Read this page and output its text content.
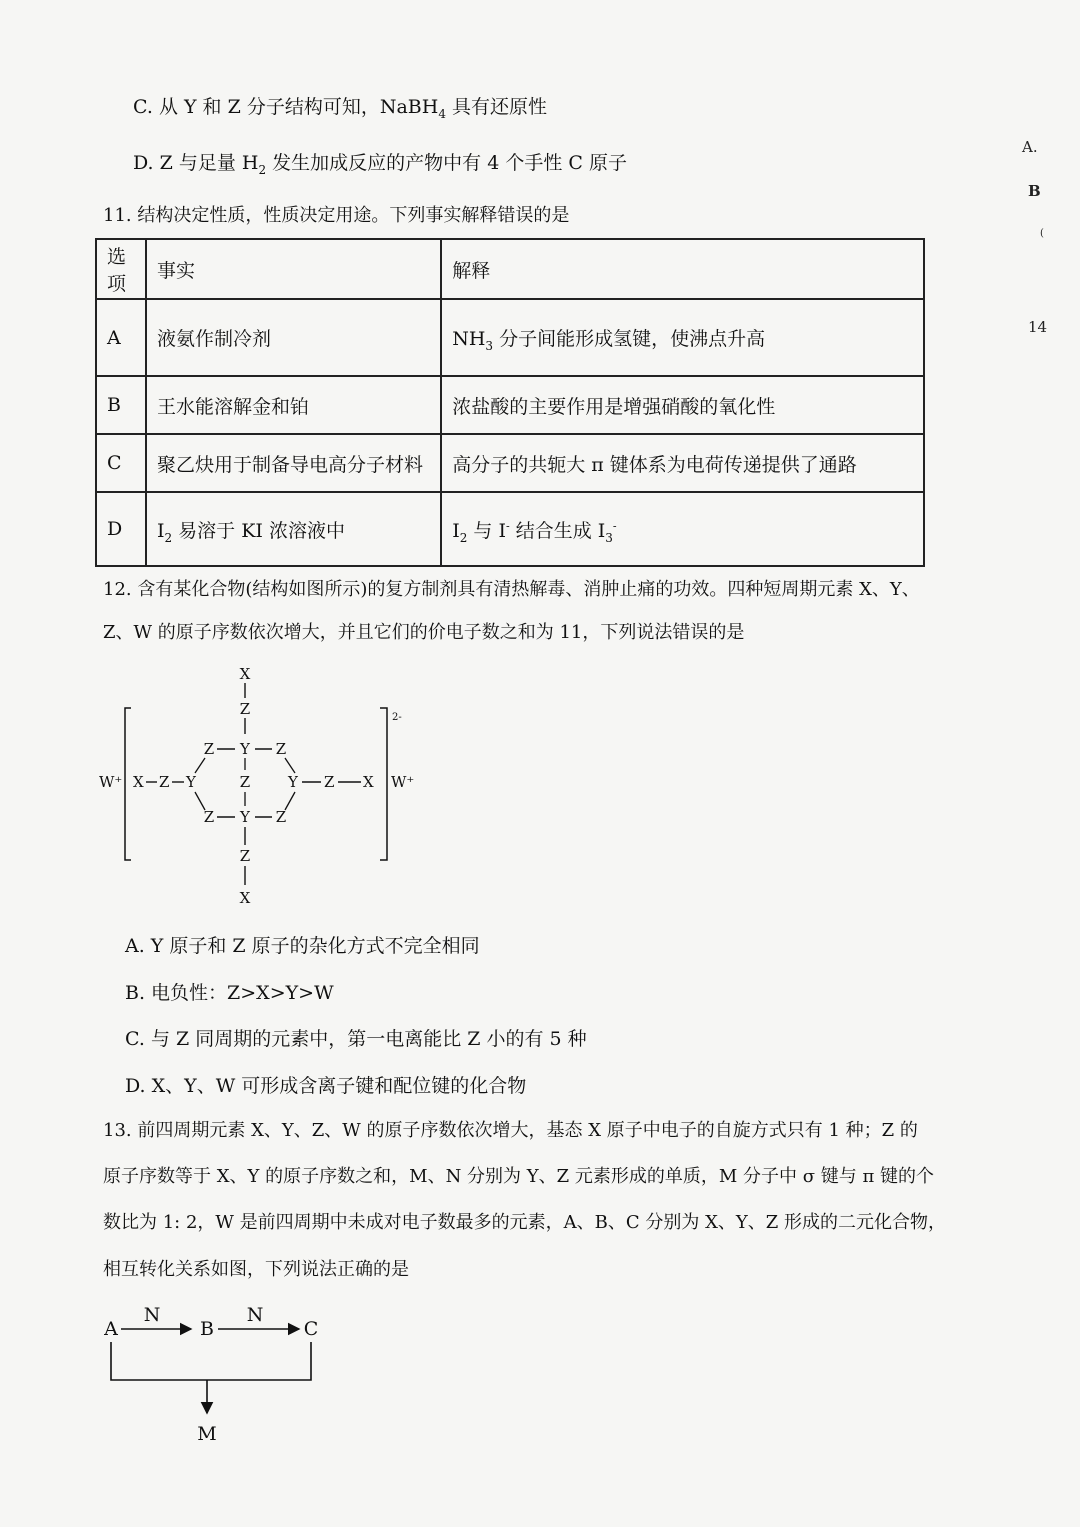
C. 从 Y 和 Z 分子结构可知，NaBH$_4$ 具有还原性
D. Z 与足量 $H_2$ 发生加成反应的产物中有 4 个手性 C 原子
A.
B
(
14
11. 结构决定性质，性质决定用途。下列事实解释错误的是
选项	事实	解释
A	液氨作制冷剂	$NH_3$ 分子间能形成氢键，使沸点升高
B	王水能溶解金和铂	浓盐酸的主要作用是增强硝酸的氧化性
C	聚乙炔用于制备导电高分子材料	高分子的共轭大 π 键体系为电荷传递提供了通路
D	$I_2$ 易溶于 KI 浓溶液中	$I_2$ 与 I- 结合生成 $I_3^-$
12. 含有某化合物(结构如图所示)的复方制剂具有清热解毒、消肿止痛的功效。四种短周期元素 X、Y、
Z、W 的原子序数依次增大，并且它们的价电子数之和为 11，下列说法错误的是
X
Z
Z Y Z
W⁺ X Z Y	Z	Y Z X W⁺
2-
Z Y Z
Z
X
A. Y 原子和 Z 原子的杂化方式不完全相同
B. 电负性：Z>X>Y>W
C. 与 Z 同周期的元素中，第一电离能比 Z 小的有 5 种
D. X、Y、W 可形成含离子键和配位键的化合物
13. 前四周期元素 X、Y、Z、W 的原子序数依次增大，基态 X 原子中电子的自旋方式只有 1 种；Z 的
原子序数等于 X、Y 的原子序数之和，M、N 分别为 Y、Z 元素形成的单质，M 分子中 σ 键与 π 键的个
数比为 1: 2，W 是前四周期中未成对电子数最多的元素，A、B、C 分别为 X、Y、Z 形成的二元化合物，
相互转化关系如图，下列说法正确的是
A
N
B
N
C
M
